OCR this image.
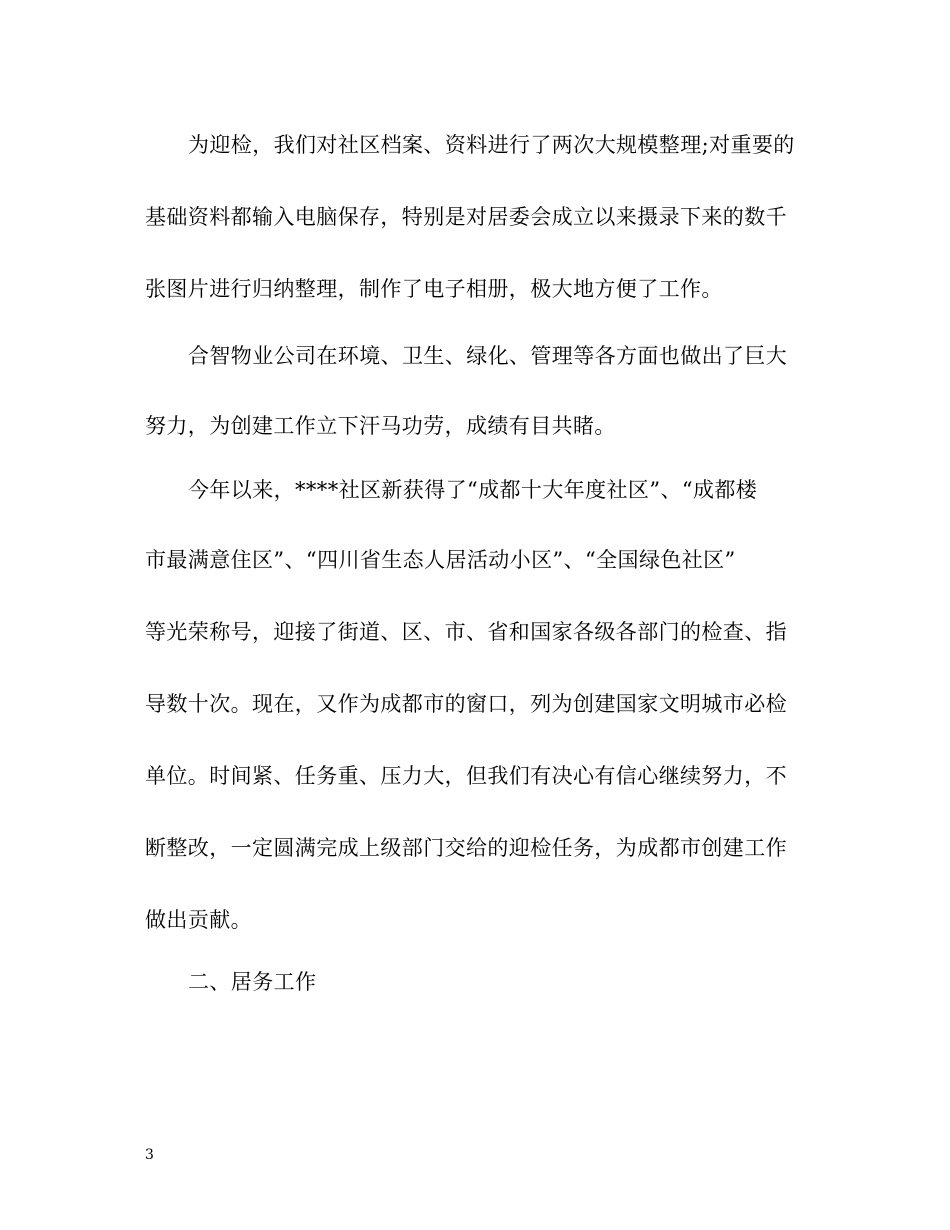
为迎检，我们对社区档案、资料进行了两次大规模整理;对重要的
基础资料都输入电脑保存，特别是对居委会成立以来摄录下来的数千
张图片进行归纳整理，制作了电子相册，极大地方便了工作。
合智物业公司在环境、卫生、绿化、管理等各方面也做出了巨大
努力，为创建工作立下汗马功劳，成绩有目共睹。
今年以来，****社区新获得了“成都十大年度社区”、“成都楼
市最满意住区”、“四川省生态人居活动小区”、“全国绿色社区”
等光荣称号，迎接了街道、区、市、省和国家各级各部门的检查、指
导数十次。现在，又作为成都市的窗口，列为创建国家文明城市必检
单位。时间紧、任务重、压力大，但我们有决心有信心继续努力，不
断整改，一定圆满完成上级部门交给的迎检任务，为成都市创建工作
做出贡献。
二、居务工作
3
